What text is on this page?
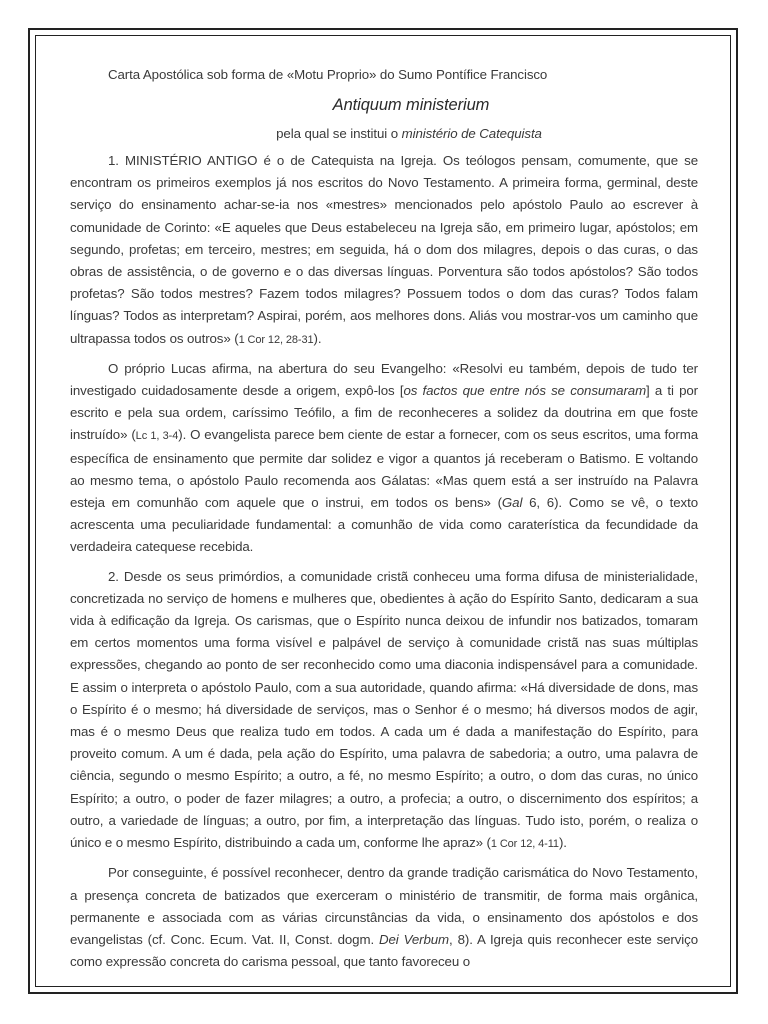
Carta Apostólica sob forma de «Motu Proprio» do Sumo Pontífice Francisco
Antiquum ministerium
pela qual se institui o ministério de Catequista

1. MINISTÉRIO ANTIGO é o de Catequista na Igreja. Os teólogos pensam, comumente, que se encontram os primeiros exemplos já nos escritos do Novo Testamento. A primeira forma, germinal, deste serviço do ensinamento achar-se-ia nos «mestres» mencionados pelo apóstolo Paulo ao escrever à comunidade de Corinto: «E aqueles que Deus estabeleceu na Igreja são, em primeiro lugar, apóstolos; em segundo, profetas; em terceiro, mestres; em seguida, há o dom dos milagres, depois o das curas, o das obras de assistência, o de governo e o das diversas línguas. Porventura são todos apóstolos? São todos profetas? São todos mestres? Fazem todos milagres? Possuem todos o dom das curas? Todos falam línguas? Todos as interpretam? Aspirai, porém, aos melhores dons. Aliás vou mostrar-vos um caminho que ultrapassa todos os outros» (1 Cor 12, 28-31).

O próprio Lucas afirma, na abertura do seu Evangelho: «Resolvi eu também, depois de tudo ter investigado cuidadosamente desde a origem, expô-los [os factos que entre nós se consumaram] a ti por escrito e pela sua ordem, caríssimo Teófilo, a fim de reconheceres a solidez da doutrina em que foste instruído» (Lc 1, 3-4). O evangelista parece bem ciente de estar a fornecer, com os seus escritos, uma forma específica de ensinamento que permite dar solidez e vigor a quantos já receberam o Batismo. E voltando ao mesmo tema, o apóstolo Paulo recomenda aos Gálatas: «Mas quem está a ser instruído na Palavra esteja em comunhão com aquele que o instrui, em todos os bens» (Gal 6, 6). Como se vê, o texto acrescenta uma peculiaridade fundamental: a comunhão de vida como caraterística da fecundidade da verdadeira catequese recebida.

2. Desde os seus primórdios, a comunidade cristã conheceu uma forma difusa de ministerialidade, concretizada no serviço de homens e mulheres que, obedientes à ação do Espírito Santo, dedicaram a sua vida à edificação da Igreja. Os carismas, que o Espírito nunca deixou de infundir nos batizados, tomaram em certos momentos uma forma visível e palpável de serviço à comunidade cristã nas suas múltiplas expressões, chegando ao ponto de ser reconhecido como uma diaconia indispensável para a comunidade. E assim o interpreta o apóstolo Paulo, com a sua autoridade, quando afirma: «Há diversidade de dons, mas o Espírito é o mesmo; há diversidade de serviços, mas o Senhor é o mesmo; há diversos modos de agir, mas é o mesmo Deus que realiza tudo em todos. A cada um é dada a manifestação do Espírito, para proveito comum. A um é dada, pela ação do Espírito, uma palavra de sabedoria; a outro, uma palavra de ciência, segundo o mesmo Espírito; a outro, a fé, no mesmo Espírito; a outro, o dom das curas, no único Espírito; a outro, o poder de fazer milagres; a outro, a profecia; a outro, o discernimento dos espíritos; a outro, a variedade de línguas; a outro, por fim, a interpretação das línguas. Tudo isto, porém, o realiza o único e o mesmo Espírito, distribuindo a cada um, conforme lhe apraz» (1 Cor 12, 4-11).

Por conseguinte, é possível reconhecer, dentro da grande tradição carismática do Novo Testamento, a presença concreta de batizados que exerceram o ministério de transmitir, de forma mais orgânica, permanente e associada com as várias circunstâncias da vida, o ensinamento dos apóstolos e dos evangelistas (cf. Conc. Ecum. Vat. II, Const. dogm. Dei Verbum, 8). A Igreja quis reconhecer este serviço como expressão concreta do carisma pessoal, que tanto favoreceu o
